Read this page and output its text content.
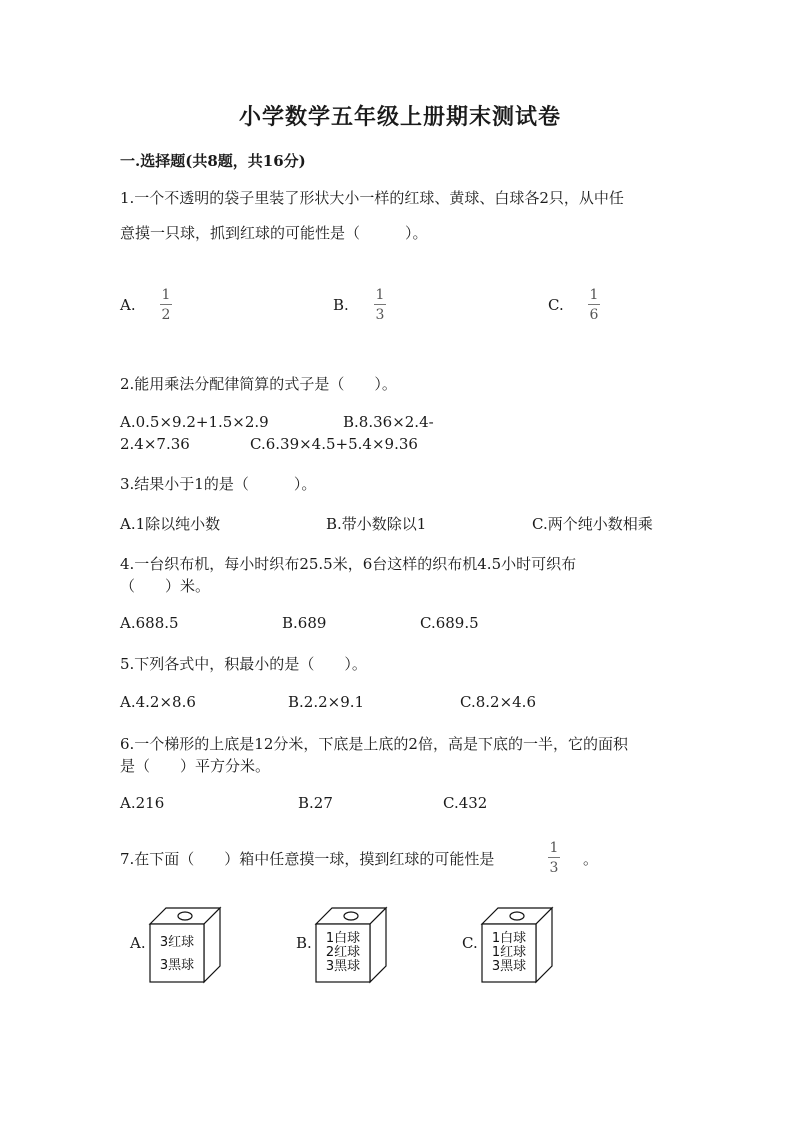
小学数学五年级上册期末测试卷
一.选择题(共8题，共16分)
1.一个不透明的袋子里装了形状大小一样的红球、黄球、白球各2只，从中任
意摸一只球，抓到红球的可能性是（　　　）。
A.
1
2
B.
1
3
C.
1
6
2.能用乘法分配律简算的式子是（　　）。
A.0.5×9.2+1.5×2.9	B.8.36×2.4-
2.4×7.36	C.6.39×4.5+5.4×9.36
3.结果小于1的是（　　　）。
A.1除以纯小数	B.带小数除以1	C.两个纯小数相乘
4.一台织布机，每小时织布25.5米，6台这样的织布机4.5小时可织布
（　　）米。
A.688.5	B.689	C.689.5
5.下列各式中，积最小的是（　　）。
A.4.2×8.6	B.2.2×9.1	C.8.2×4.6
6.一个梯形的上底是12分米，下底是上底的2倍，高是下底的一半，它的面积
是（　　）平方分米。
A.216	B.27	C.432
7.在下面（　　）箱中任意摸一球，摸到红球的可能性是
1
3 。
A. 3红球
3黑球
B. 1白球
2红球
3黑球
C. 1白球
1红球
3黑球
